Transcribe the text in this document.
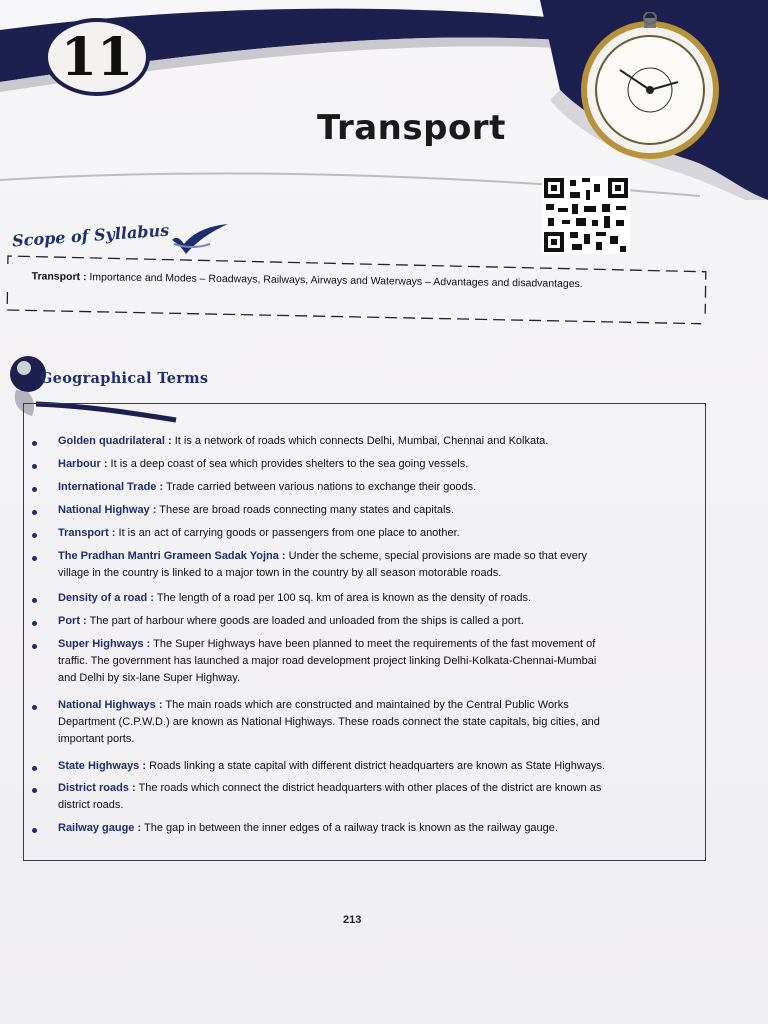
11
Transport
Scope of Syllabus
Transport : Importance and Modes – Roadways, Railways, Airways and Waterways – Advantages and disadvantages.
Geographical Terms
Golden quadrilateral : It is a network of roads which connects Delhi, Mumbai, Chennai and Kolkata.
Harbour : It is a deep coast of sea which provides shelters to the sea going vessels.
International Trade : Trade carried between various nations to exchange their goods.
National Highway : These are broad roads connecting many states and capitals.
Transport : It is an act of carrying goods or passengers from one place to another.
The Pradhan Mantri Grameen Sadak Yojna : Under the scheme, special provisions are made so that every
village in the country is linked to a major town in the country by all season motorable roads.
Density of a road : The length of a road per 100 sq. km of area is known as the density of roads.
Port : The part of harbour where goods are loaded and unloaded from the ships is called a port.
Super Highways : The Super Highways have been planned to meet the requirements of the fast movement of
traffic. The government has launched a major road development project linking Delhi-Kolkata-Chennai-Mumbai
and Delhi by six-lane Super Highway.
National Highways : The main roads which are constructed and maintained by the Central Public Works
Department (C.P.W.D.) are known as National Highways. These roads connect the state capitals, big cities, and
important ports.
State Highways : Roads linking a state capital with different district headquarters are known as State Highways.
District roads : The roads which connect the district headquarters with other places of the district are known as
district roads.
Railway gauge : The gap in between the inner edges of a railway track is known as the railway gauge.
213
